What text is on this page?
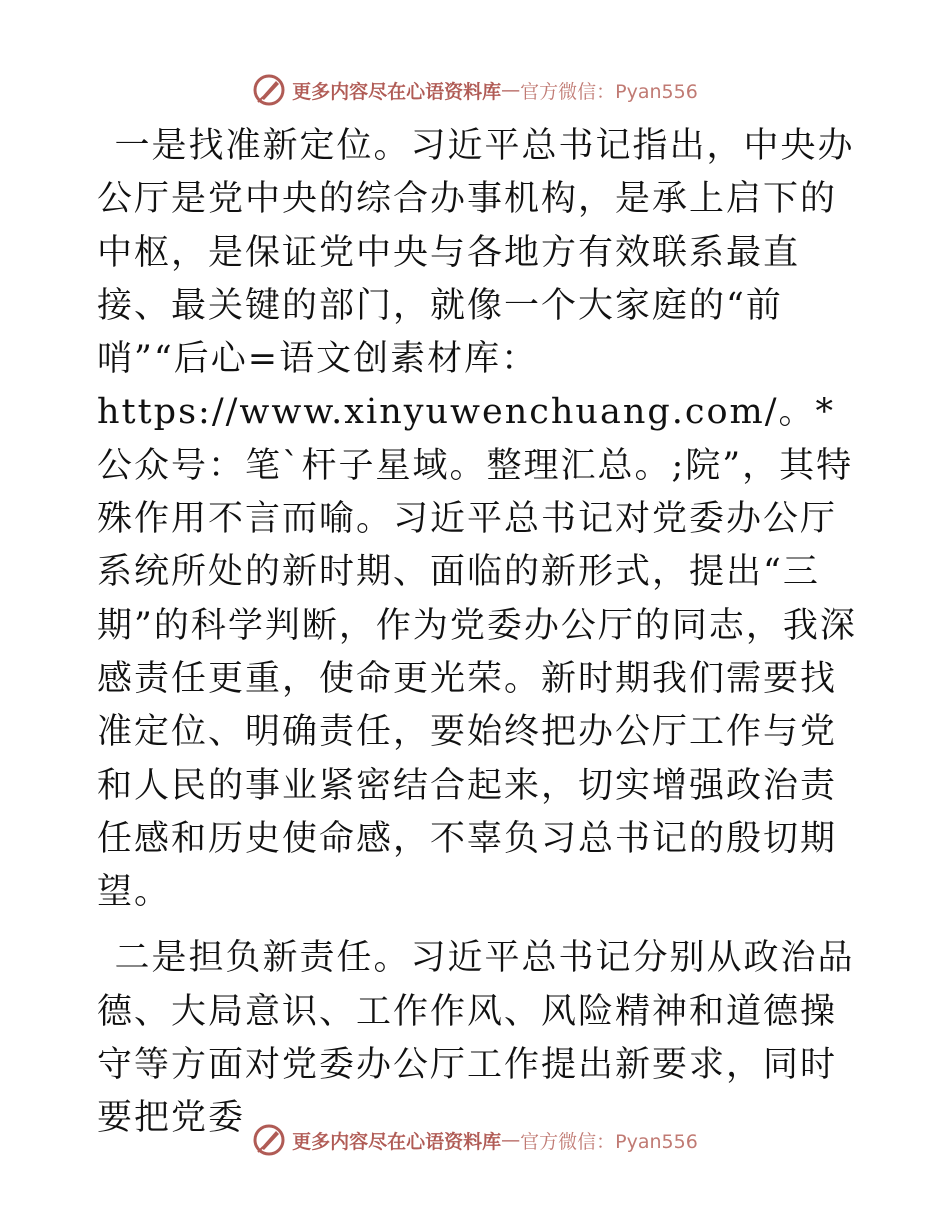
更多内容尽在心语资料库 — 官方微信：Pyan556

一是找准新定位。习近平总书记指出，中央办公厅是党中央的综合办事机构，是承上启下的中枢，是保证党中央与各地方有效联系最直接、最关键的部门，就像一个大家庭的“前哨”“后心=语文创素材库：https://www.xinyuwenchuang.com/。*公众号：笔`杆子星域。整理汇总。;院”，其特殊作用不言而喻。习近平总书记对党委办公厅系统所处的新时期、面临的新形式，提出“三期”的科学判断，作为党委办公厅的同志，我深感责任更重，使命更光荣。新时期我们需要找准定位、明确责任，要始终把办公厅工作与党和人民的事业紧密结合起来，切实增强政治责任感和历史使命感，不辜负习总书记的殷切期望。

二是担负新责任。习近平总书记分别从政治品德、大局意识、工作作风、风险精神和道德操守等方面对党委办公厅工作提出新要求，同时要把党委

更多内容尽在心语资料库 — 官方微信：Pyan556
